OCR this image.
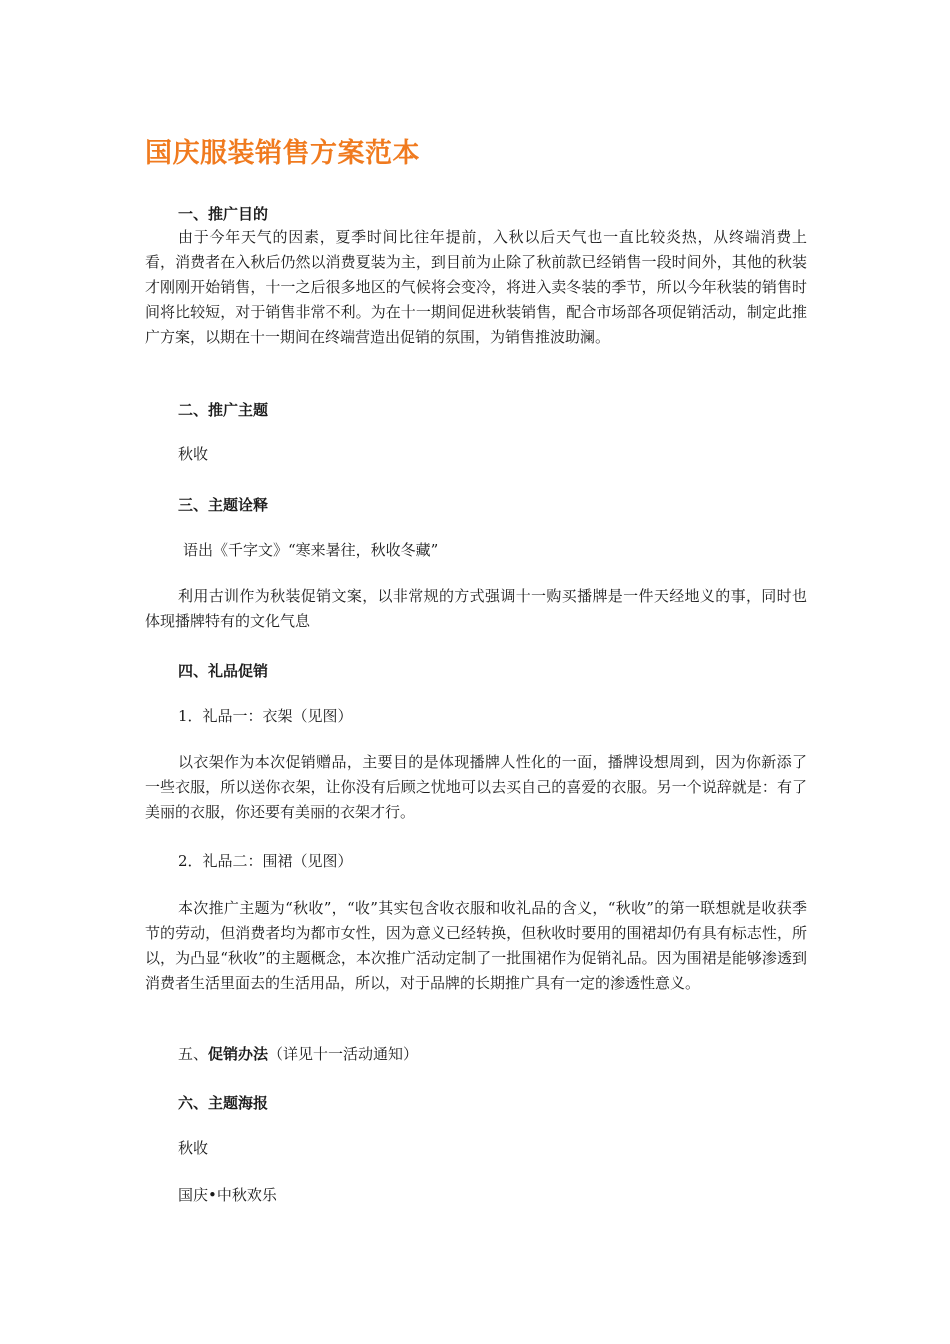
国庆服装销售方案范本
一、推广目的
由于今年天气的因素，夏季时间比往年提前，入秋以后天气也一直比较炎热，从终端消费上看，消费者在入秋后仍然以消费夏装为主，到目前为止除了秋前款已经销售一段时间外，其他的秋装才刚刚开始销售，十一之后很多地区的气候将会变冷，将进入卖冬装的季节，所以今年秋装的销售时间将比较短，对于销售非常不利。为在十一期间促进秋装销售，配合市场部各项促销活动，制定此推广方案，以期在十一期间在终端营造出促销的氛围，为销售推波助澜。
二、推广主题
秋收
三、主题诠释
语出《千字文》“寒来暑往，秋收冬藏”
利用古训作为秋装促销文案，以非常规的方式强调十一购买播牌是一件天经地义的事，同时也体现播牌特有的文化气息
四、礼品促销
1．礼品一：衣架（见图）
以衣架作为本次促销赠品，主要目的是体现播牌人性化的一面，播牌设想周到，因为你新添了一些衣服，所以送你衣架，让你没有后顾之忧地可以去买自己的喜爱的衣服。另一个说辞就是：有了美丽的衣服，你还要有美丽的衣架才行。
2．礼品二：围裙（见图）
本次推广主题为“秋收”，“收”其实包含收衣服和收礼品的含义，“秋收”的第一联想就是收获季节的劳动，但消费者均为都市女性，因为意义已经转换，但秋收时要用的围裙却仍有具有标志性，所以，为凸显“秋收”的主题概念，本次推广活动定制了一批围裙作为促销礼品。因为围裙是能够渗透到消费者生活里面去的生活用品，所以，对于品牌的长期推广具有一定的渗透性意义。
五、促销办法（详见十一活动通知）
六、主题海报
秋收
国庆•中秋欢乐
